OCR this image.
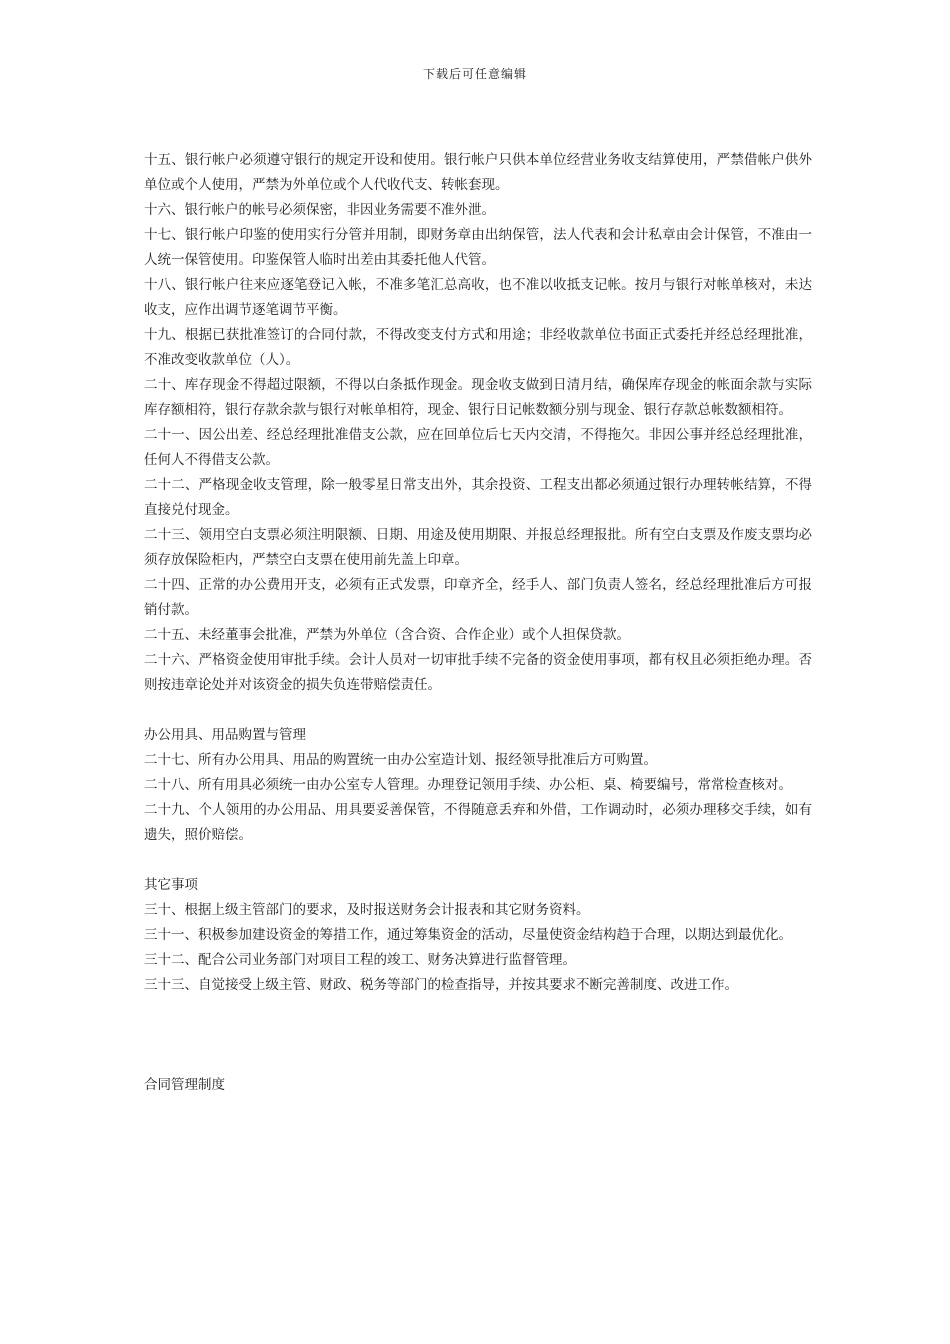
下载后可任意编辑

十五、银行帐户必须遵守银行的规定开设和使用。银行帐户只供本单位经营业务收支结算使用，严禁借帐户供外单位或个人使用，严禁为外单位或个人代收代支、转帐套现。

十六、银行帐户的帐号必须保密，非因业务需要不准外泄。

十七、银行帐户印鉴的使用实行分管并用制，即财务章由出纳保管，法人代表和会计私章由会计保管，不准由一人统一保管使用。印鉴保管人临时出差由其委托他人代管。

十八、银行帐户往来应逐笔登记入帐，不准多笔汇总高收，也不准以收抵支记帐。按月与银行对帐单核对，未达收支，应作出调节逐笔调节平衡。

十九、根据已获批准签订的合同付款，不得改变支付方式和用途；非经收款单位书面正式委托并经总经理批准，不准改变收款单位（人）。

二十、库存现金不得超过限额，不得以白条抵作现金。现金收支做到日清月结，确保库存现金的帐面余款与实际库存额相符，银行存款余款与银行对帐单相符，现金、银行日记帐数额分别与现金、银行存款总帐数额相符。

二十一、因公出差、经总经理批准借支公款，应在回单位后七天内交清，不得拖欠。非因公事并经总经理批准，任何人不得借支公款。

二十二、严格现金收支管理，除一般零星日常支出外，其余投资、工程支出都必须通过银行办理转帐结算，不得直接兑付现金。

二十三、领用空白支票必须注明限额、日期、用途及使用期限、并报总经理报批。所有空白支票及作废支票均必须存放保险柜内，严禁空白支票在使用前先盖上印章。

二十四、正常的办公费用开支，必须有正式发票，印章齐全，经手人、部门负责人签名，经总经理批准后方可报销付款。

二十五、未经董事会批准，严禁为外单位（含合资、合作企业）或个人担保贷款。

二十六、严格资金使用审批手续。会计人员对一切审批手续不完备的资金使用事项，都有权且必须拒绝办理。否则按违章论处并对该资金的损失负连带赔偿责任。

办公用具、用品购置与管理

二十七、所有办公用具、用品的购置统一由办公室造计划、报经领导批准后方可购置。

二十八、所有用具必须统一由办公室专人管理。办理登记领用手续、办公柜、桌、椅要编号，常常检查核对。

二十九、个人领用的办公用品、用具要妥善保管，不得随意丢弃和外借，工作调动时，必须办理移交手续，如有遗失，照价赔偿。

其它事项

三十、根据上级主管部门的要求，及时报送财务会计报表和其它财务资料。

三十一、积极参加建设资金的筹措工作，通过筹集资金的活动，尽量使资金结构趋于合理，以期达到最优化。

三十二、配合公司业务部门对项目工程的竣工、财务决算进行监督管理。

三十三、自觉接受上级主管、财政、税务等部门的检查指导，并按其要求不断完善制度、改进工作。

合同管理制度
